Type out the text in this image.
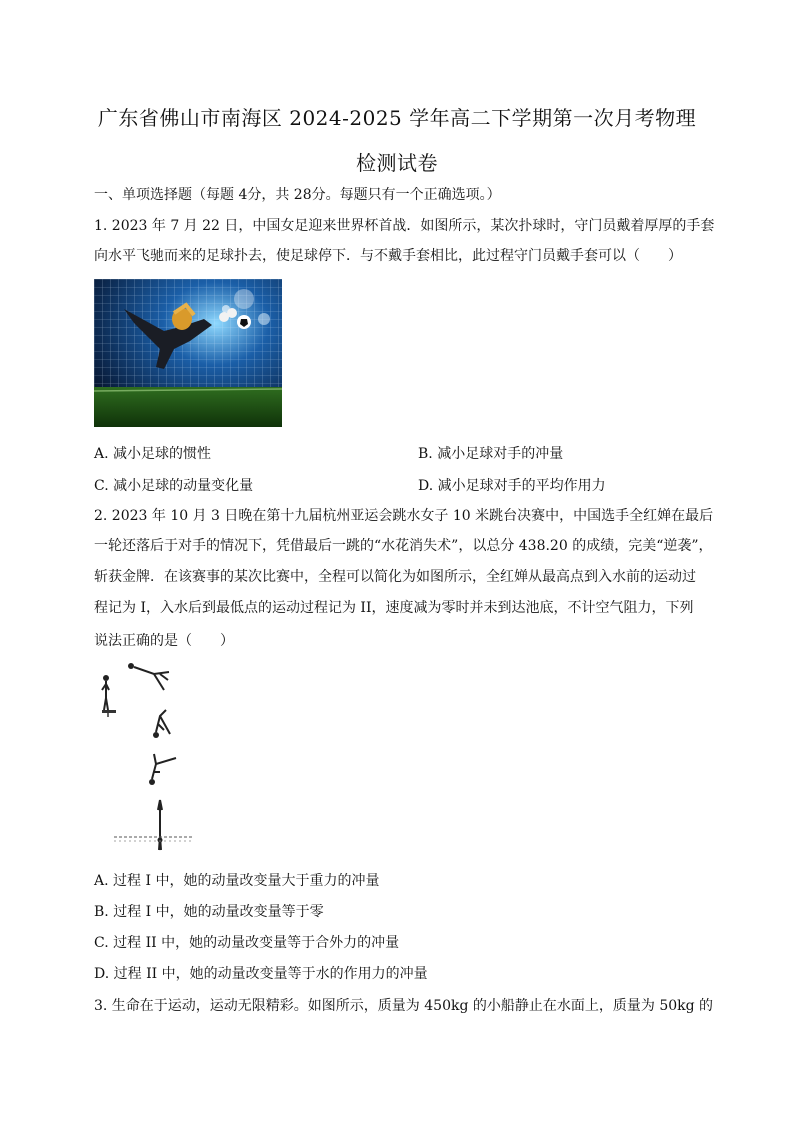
广东省佛山市南海区 2024-2025 学年高二下学期第一次月考物理
检测试卷
一、单项选择题（每题 4分，共 28分。每题只有一个正确选项。）
1. 2023 年 7 月 22 日，中国女足迎来世界杯首战．如图所示，某次扑球时，守门员戴着厚厚的手套
向水平飞驰而来的足球扑去，使足球停下．与不戴手套相比，此过程守门员戴手套可以（　　）
A. 减小足球的惯性	B. 减小足球对手的冲量
C. 减小足球的动量变化量	D. 减小足球对手的平均作用力
2. 2023 年 10 月 3 日晚在第十九届杭州亚运会跳水女子 10 米跳台决赛中，中国选手全红婵在最后
一轮还落后于对手的情况下，凭借最后一跳的“水花消失术”，以总分 438.20 的成绩，完美“逆袭”，
斩获金牌．在该赛事的某次比赛中，全程可以简化为如图所示，全红婵从最高点到入水前的运动过
程记为 I，入水后到最低点的运动过程记为 II，速度减为零时并未到达池底，不计空气阻力，下列
说法正确的是（　　）
A. 过程 I 中，她的动量改变量大于重力的冲量
B. 过程 I 中，她的动量改变量等于零
C. 过程 II 中，她的动量改变量等于合外力的冲量
D. 过程 II 中，她的动量改变量等于水的作用力的冲量
3. 生命在于运动，运动无限精彩。如图所示，质量为 450kg 的小船静止在水面上，质量为 50kg 的
